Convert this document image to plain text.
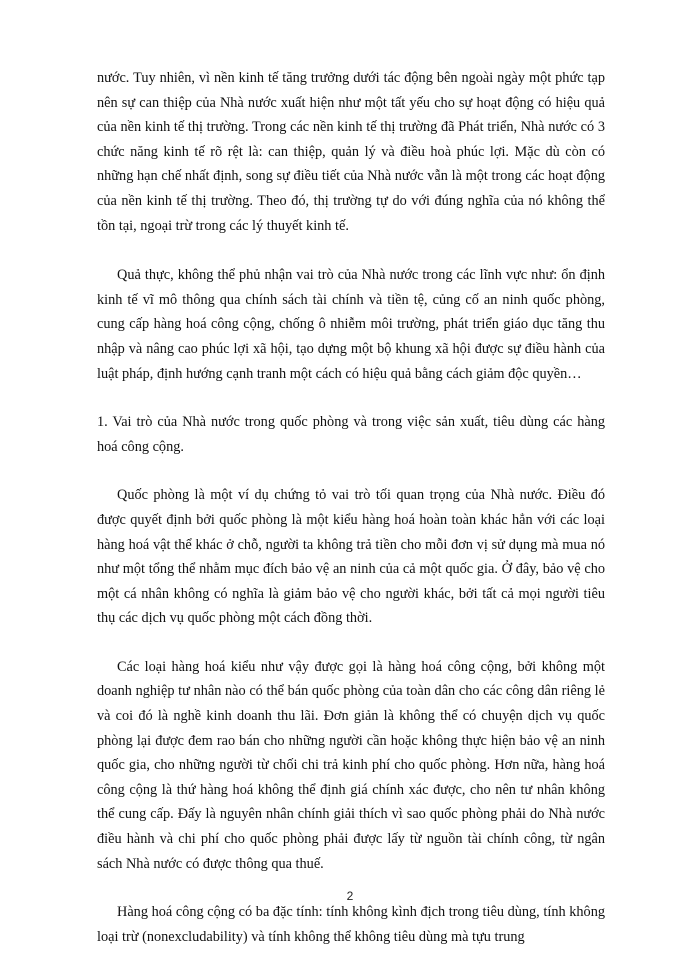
nước. Tuy nhiên, vì nền kinh tế tăng trưởng dưới tác động bên ngoài ngày một phức tạp nên sự can thiệp của Nhà nước xuất hiện như một tất yếu cho sự hoạt động có hiệu quả của nền kinh tế thị trường. Trong các nền kinh tế thị trường đã Phát triển, Nhà nước có 3 chức năng kinh tế rõ rệt là: can thiệp, quản lý và điều hoà phúc lợi. Mặc dù còn có những hạn chế nhất định, song sự điều tiết của Nhà nước vẫn là một trong các hoạt động của nền kinh tế thị trường. Theo đó, thị trường tự do với đúng nghĩa của nó không thể tồn tại, ngoại trừ trong các lý thuyết kinh tế.

Quả thực, không thể phủ nhận vai trò của Nhà nước trong các lĩnh vực như: ổn định kinh tế vĩ mô thông qua chính sách tài chính và tiền tệ, củng cố an ninh quốc phòng, cung cấp hàng hoá công cộng, chống ô nhiễm môi trường, phát triển giáo dục tăng thu nhập và nâng cao phúc lợi xã hội, tạo dựng một bộ khung xã hội được sự điều hành của luật pháp, định hướng cạnh tranh một cách có hiệu quả bằng cách giảm độc quyền…

1. Vai trò của Nhà nước trong quốc phòng và trong việc sản xuất, tiêu dùng các hàng hoá công cộng.

Quốc phòng là một ví dụ chứng tỏ vai trò tối quan trọng của Nhà nước. Điều đó được quyết định bởi quốc phòng là một kiểu hàng hoá hoàn toàn khác hẳn với các loại hàng hoá vật thể khác ở chỗ, người ta không trả tiền cho mỗi đơn vị sử dụng mà mua nó như một tổng thể nhằm mục đích bảo vệ an ninh của cả một quốc gia. Ở đây, bảo vệ cho một cá nhân không có nghĩa là giảm bảo vệ cho người khác, bởi tất cả mọi người tiêu thụ các dịch vụ quốc phòng một cách đồng thời.

Các loại hàng hoá kiểu như vậy được gọi là hàng hoá công cộng, bởi không một doanh nghiệp tư nhân nào có thể bán quốc phòng của toàn dân cho các công dân riêng lẻ và coi đó là nghề kinh doanh thu lãi. Đơn giản là không thể có chuyện dịch vụ quốc phòng lại được đem rao bán cho những người cần hoặc không thực hiện bảo vệ an ninh quốc gia, cho những người từ chối chi trả kinh phí cho quốc phòng. Hơn nữa, hàng hoá công cộng là thứ hàng hoá không thể định giá chính xác được, cho nên tư nhân không thể cung cấp. Đấy là nguyên nhân chính giải thích vì sao quốc phòng phải do Nhà nước điều hành và chi phí cho quốc phòng phải được lấy từ nguồn tài chính công, từ ngân sách Nhà nước có được thông qua thuế.

Hàng hoá công cộng có ba đặc tính: tính không kình địch trong tiêu dùng, tính không loại trừ (nonexcludability) và tính không thể không tiêu dùng mà tựu trung

2
